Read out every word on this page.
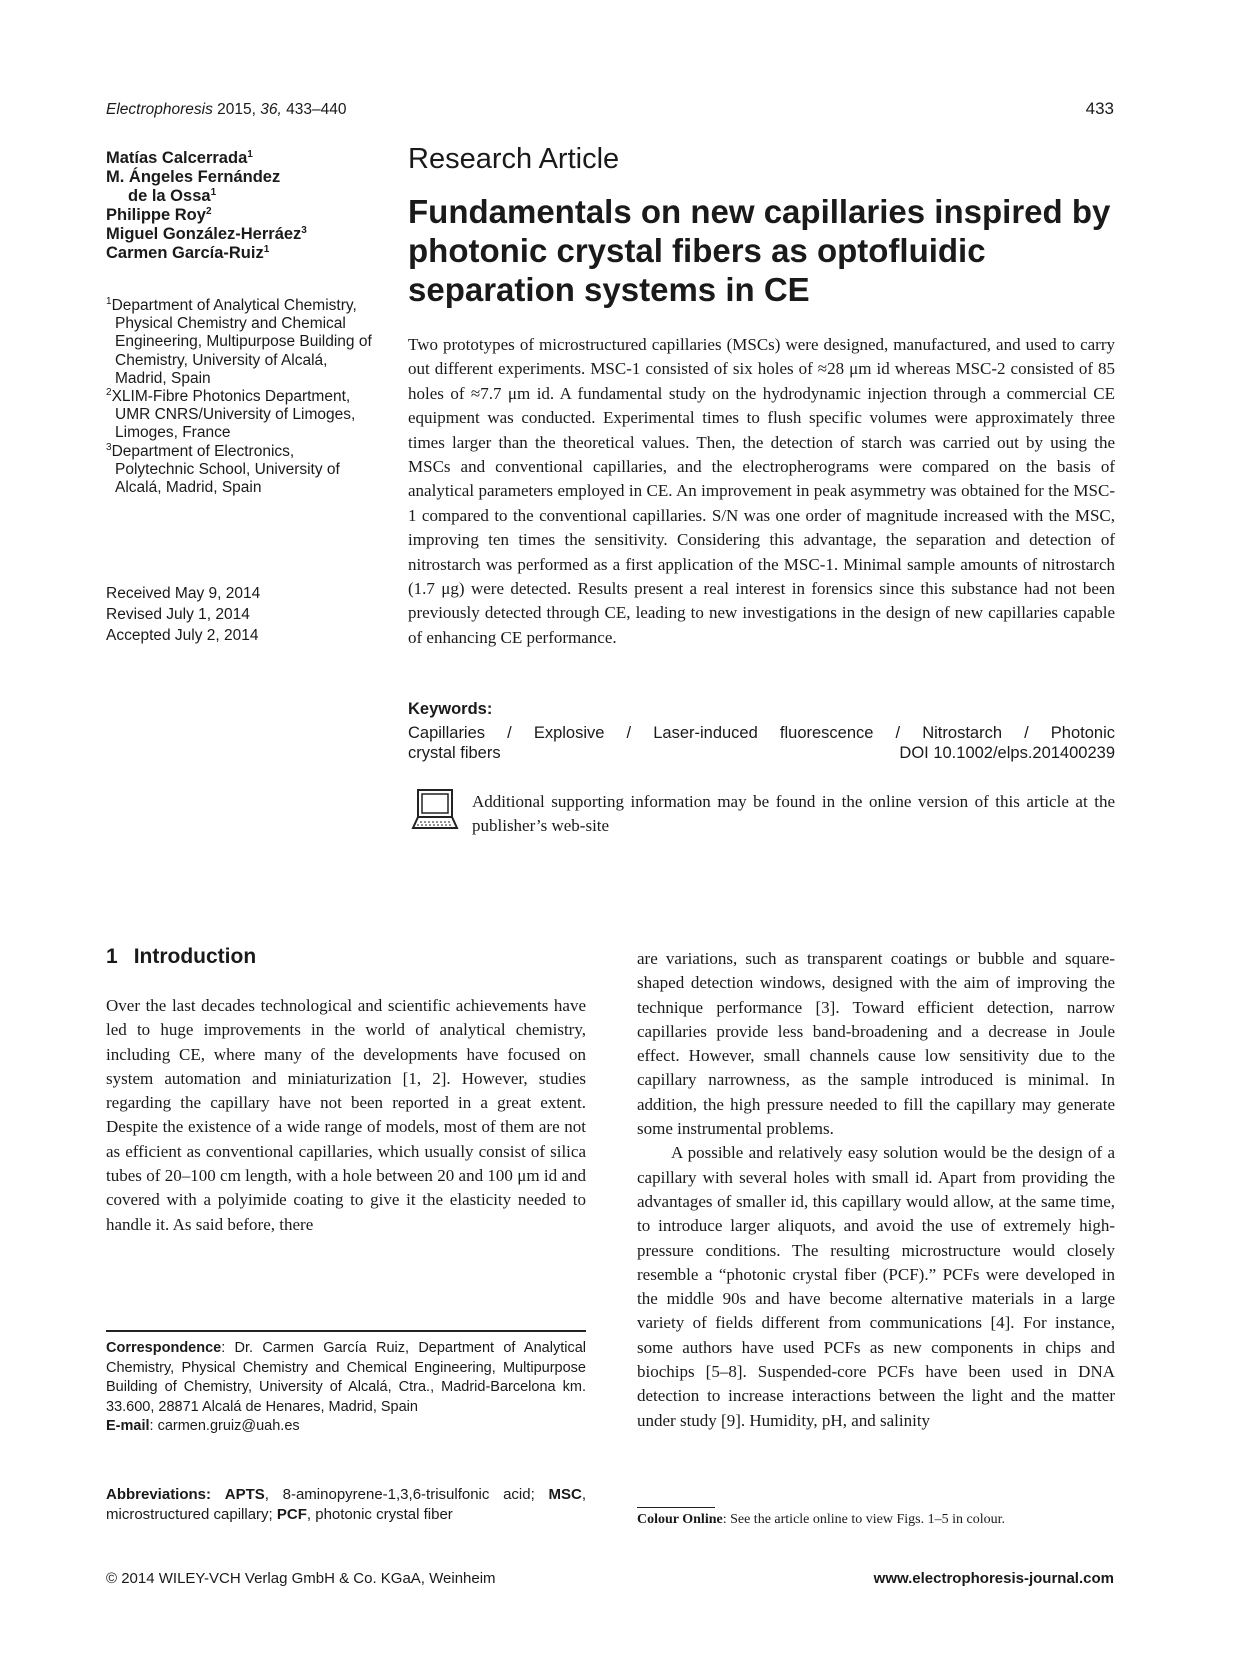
Electrophoresis 2015, 36, 433–440	433
Matías Calcerrada$^1$
M. Ángeles Fernández
de la Ossa$^1$
Philippe Roy$^2$
Miguel González-Herráez$^3$
Carmen García-Ruiz$^1$
$^1$Department of Analytical Chemistry, Physical Chemistry and Chemical Engineering, Multipurpose Building of Chemistry, University of Alcalá, Madrid, Spain
$^2$XLIM-Fibre Photonics Department, UMR CNRS/University of Limoges, Limoges, France
$^3$Department of Electronics, Polytechnic School, University of Alcalá, Madrid, Spain
Received May 9, 2014
Revised July 1, 2014
Accepted July 2, 2014
Research Article
Fundamentals on new capillaries inspired by photonic crystal fibers as optofluidic separation systems in CE

Two prototypes of microstructured capillaries (MSCs) were designed, manufactured, and used to carry out different experiments. MSC-1 consisted of six holes of ≈28 μm id whereas MSC-2 consisted of 85 holes of ≈7.7 μm id. A fundamental study on the hydrodynamic injection through a commercial CE equipment was conducted. Experimental times to flush specific volumes were approximately three times larger than the theoretical values. Then, the detection of starch was carried out by using the MSCs and conventional capillaries, and the electropherograms were compared on the basis of analytical parameters employed in CE. An improvement in peak asymmetry was obtained for the MSC-1 compared to the conventional capillaries. S/N was one order of magnitude increased with the MSC, improving ten times the sensitivity. Considering this advantage, the separation and detection of nitrostarch was performed as a first application of the MSC-1. Minimal sample amounts of nitrostarch (1.7 μg) were detected. Results present a real interest in forensics since this substance had not been previously detected through CE, leading to new investigations in the design of new capillaries capable of enhancing CE performance.

Keywords:
Capillaries / Explosive / Laser-induced fluorescence / Nitrostarch / Photonic
crystal fibers	DOI 10.1002/elps.201400239
Additional supporting information may be found in the online version of this article at the publisher’s web-site
1 Introduction

Over the last decades technological and scientific achievements have led to huge improvements in the world of analytical chemistry, including CE, where many of the developments have focused on system automation and miniaturization [1, 2]. However, studies regarding the capillary have not been reported in a great extent. Despite the existence of a wide range of models, most of them are not as efficient as conventional capillaries, which usually consist of silica tubes of 20–100 cm length, with a hole between 20 and 100 μm id and covered with a polyimide coating to give it the elasticity needed to handle it. As said before, there

are variations, such as transparent coatings or bubble and square-shaped detection windows, designed with the aim of improving the technique performance [3]. Toward efficient detection, narrow capillaries provide less band-broadening and a decrease in Joule effect. However, small channels cause low sensitivity due to the capillary narrowness, as the sample introduced is minimal. In addition, the high pressure needed to fill the capillary may generate some instrumental problems.

A possible and relatively easy solution would be the design of a capillary with several holes with small id. Apart from providing the advantages of smaller id, this capillary would allow, at the same time, to introduce larger aliquots, and avoid the use of extremely high-pressure conditions. The resulting microstructure would closely resemble a “photonic crystal fiber (PCF).” PCFs were developed in the middle 90s and have become alternative materials in a large variety of fields different from communications [4]. For instance, some authors have used PCFs as new components in chips and biochips [5–8]. Suspended-core PCFs have been used in DNA detection to increase interactions between the light and the matter under study [9]. Humidity, pH, and salinity

Correspondence: Dr. Carmen García Ruiz, Department of Analytical Chemistry, Physical Chemistry and Chemical Engineering, Multipurpose Building of Chemistry, University of Alcalá, Ctra., Madrid-Barcelona km. 33.600, 28871 Alcalá de Henares, Madrid, Spain
E-mail: carmen.gruiz@uah.es
Abbreviations: APTS, 8-aminopyrene-1,3,6-trisulfonic acid; MSC, microstructured capillary; PCF, photonic crystal fiber	Colour Online: See the article online to view Figs. 1–5 in colour.
© 2014 WILEY-VCH Verlag GmbH & Co. KGaA, Weinheim	www.electrophoresis-journal.com
